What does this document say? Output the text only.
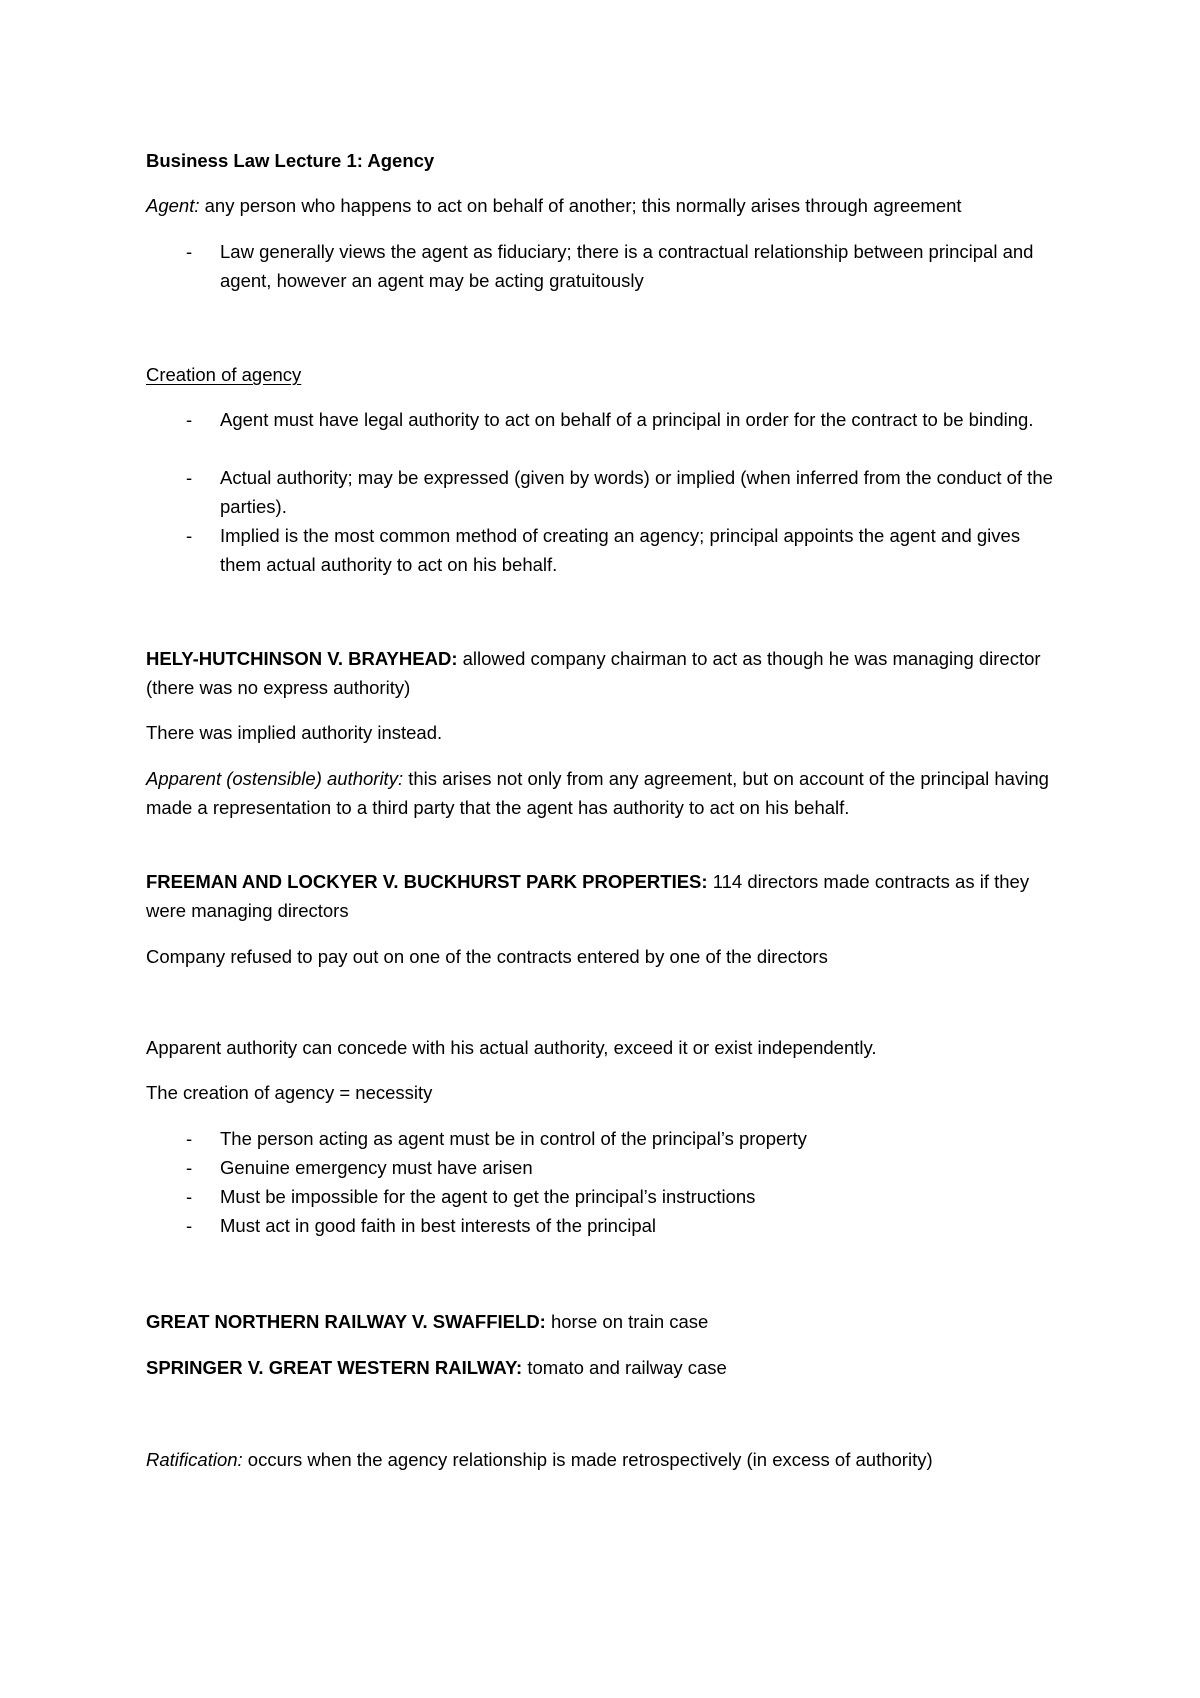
Business Law Lecture 1: Agency
Agent: any person who happens to act on behalf of another; this normally arises through agreement
- Law generally views the agent as fiduciary; there is a contractual relationship between principal and agent, however an agent may be acting gratuitously
Creation of agency
- Agent must have legal authority to act on behalf of a principal in order for the contract to be binding.
- Actual authority; may be expressed (given by words) or implied (when inferred from the conduct of the parties).
- Implied is the most common method of creating an agency; principal appoints the agent and gives them actual authority to act on his behalf.
HELY-HUTCHINSON V. BRAYHEAD: allowed company chairman to act as though he was managing director (there was no express authority)
There was implied authority instead.
Apparent (ostensible) authority: this arises not only from any agreement, but on account of the principal having made a representation to a third party that the agent has authority to act on his behalf.
FREEMAN AND LOCKYER V. BUCKHURST PARK PROPERTIES: 114 directors made contracts as if they were managing directors
Company refused to pay out on one of the contracts entered by one of the directors
Apparent authority can concede with his actual authority, exceed it or exist independently.
The creation of agency = necessity
- The person acting as agent must be in control of the principal’s property
- Genuine emergency must have arisen
- Must be impossible for the agent to get the principal’s instructions
- Must act in good faith in best interests of the principal
GREAT NORTHERN RAILWAY V. SWAFFIELD: horse on train case
SPRINGER V. GREAT WESTERN RAILWAY: tomato and railway case
Ratification: occurs when the agency relationship is made retrospectively (in excess of authority)
